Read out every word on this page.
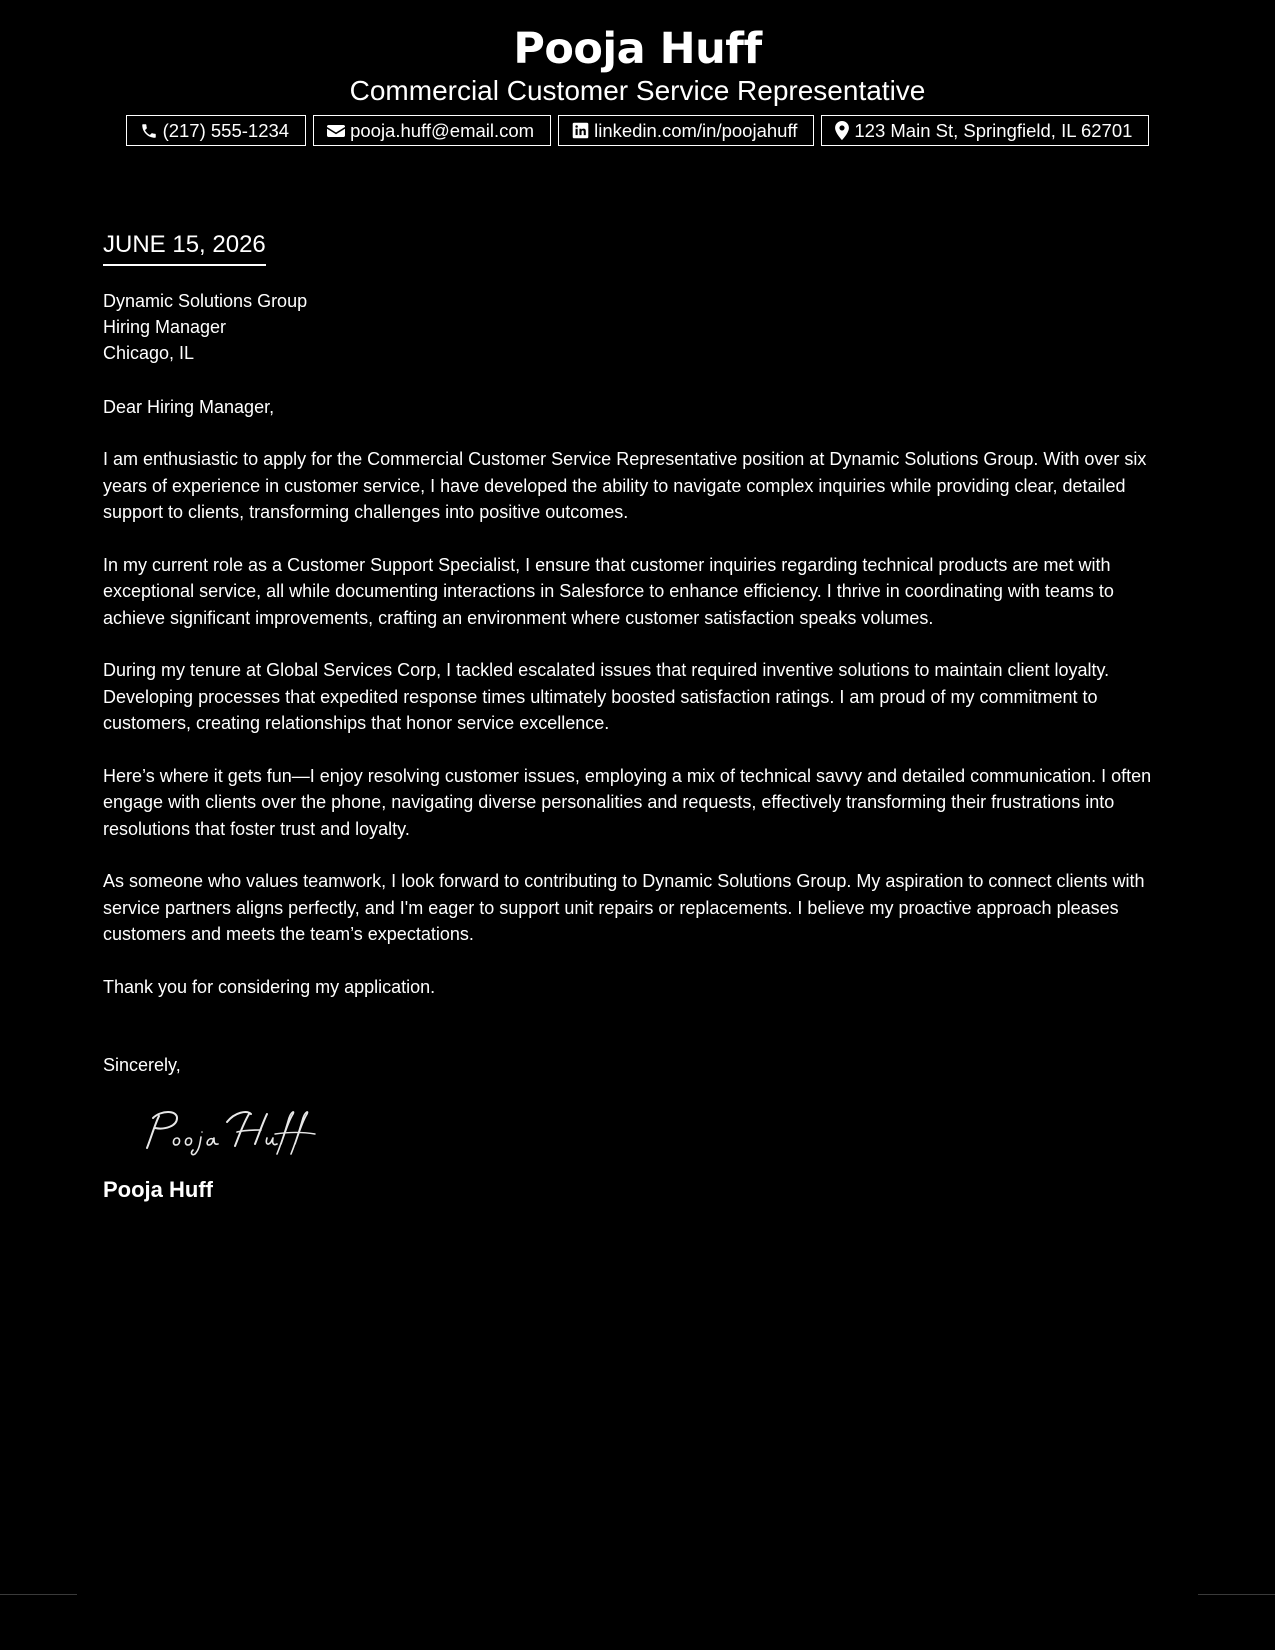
Pooja Huff
Commercial Customer Service Representative
(217) 555-1234	pooja.huff@email.com	linkedin.com/in/poojahuff	123 Main St, Springfield, IL 62701
JUNE 15, 2026
Dynamic Solutions Group
Hiring Manager
Chicago, IL
Dear Hiring Manager,

I am enthusiastic to apply for the Commercial Customer Service Representative position at Dynamic Solutions Group. With over six years of experience in customer service, I have developed the ability to navigate complex inquiries while providing clear, detailed support to clients, transforming challenges into positive outcomes.

In my current role as a Customer Support Specialist, I ensure that customer inquiries regarding technical products are met with exceptional service, all while documenting interactions in Salesforce to enhance efficiency. I thrive in coordinating with teams to achieve significant improvements, crafting an environment where customer satisfaction speaks volumes.

During my tenure at Global Services Corp, I tackled escalated issues that required inventive solutions to maintain client loyalty. Developing processes that expedited response times ultimately boosted satisfaction ratings. I am proud of my commitment to customers, creating relationships that honor service excellence.

Here’s where it gets fun—I enjoy resolving customer issues, employing a mix of technical savvy and detailed communication. I often engage with clients over the phone, navigating diverse personalities and requests, effectively transforming their frustrations into resolutions that foster trust and loyalty.

As someone who values teamwork, I look forward to contributing to Dynamic Solutions Group. My aspiration to connect clients with service partners aligns perfectly, and I'm eager to support unit repairs or replacements. I believe my proactive approach pleases customers and meets the team’s expectations.

Thank you for considering my application.

Sincerely,
Pooja Huff
